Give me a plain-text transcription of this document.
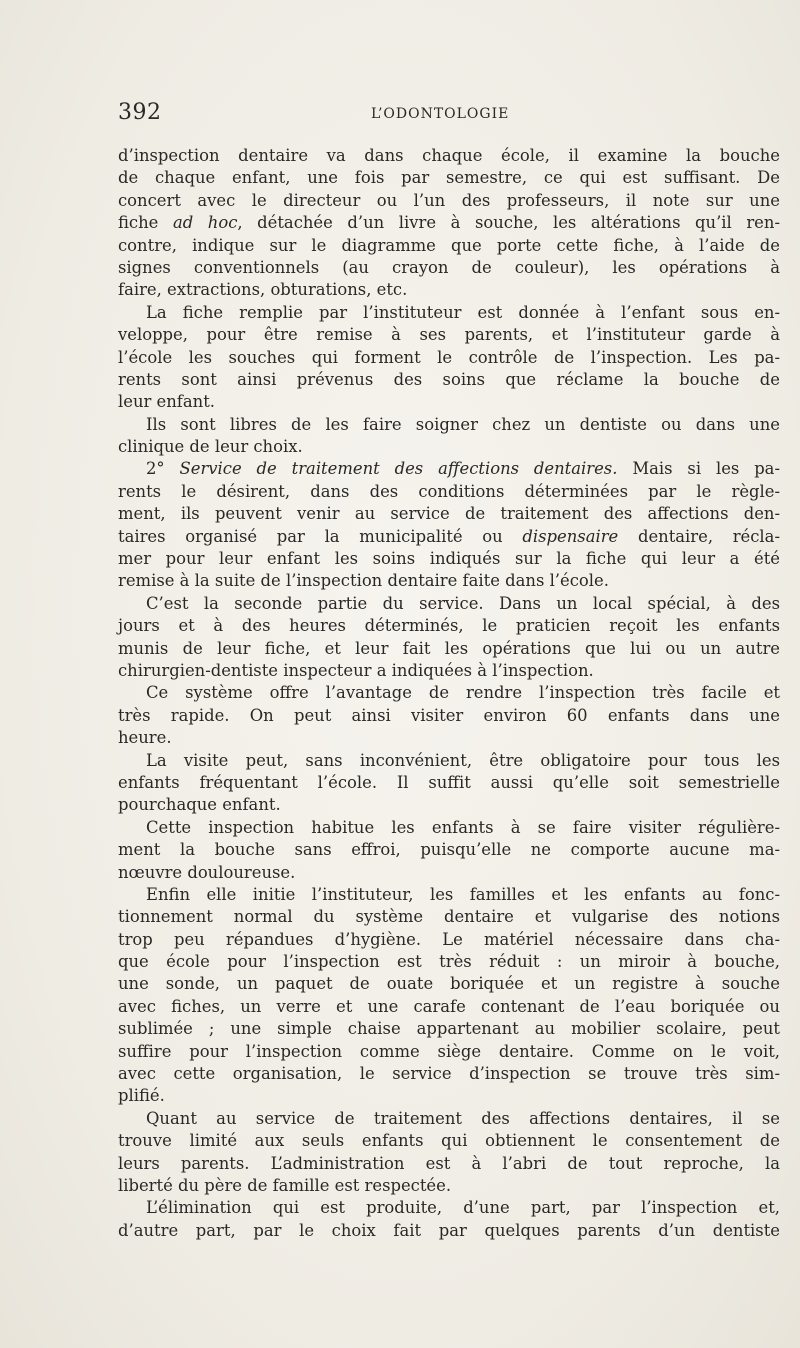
392	L’ODONTOLOGIE
d’inspection dentaire va dans chaque école, il examine la bouche
de chaque enfant, une fois par semestre, ce qui est suffisant. De
concert avec le directeur ou l’un des professeurs, il note sur une
fiche ad hoc, détachée d’un livre à souche, les altérations qu’il ren-
contre, indique sur le diagramme que porte cette fiche, à l’aide de
signes conventionnels (au crayon de couleur), les opérations à
faire, extractions, obturations, etc.
La fiche remplie par l’instituteur est donnée à l’enfant sous en-
veloppe, pour être remise à ses parents, et l’instituteur garde à
l’école les souches qui forment le contrôle de l’inspection. Les pa-
rents sont ainsi prévenus des soins que réclame la bouche de
leur enfant.
Ils sont libres de les faire soigner chez un dentiste ou dans une
clinique de leur choix.
2° Service de traitement des affections dentaires. Mais si les pa-
rents le désirent, dans des conditions déterminées par le règle-
ment, ils peuvent venir au service de traitement des affections den-
taires organisé par la municipalité ou dispensaire dentaire, récla-
mer pour leur enfant les soins indiqués sur la fiche qui leur a été
remise à la suite de l’inspection dentaire faite dans l’école.
C’est la seconde partie du service. Dans un local spécial, à des
jours et à des heures déterminés, le praticien reçoit les enfants
munis de leur fiche, et leur fait les opérations que lui ou un autre
chirurgien-dentiste inspecteur a indiquées à l’inspection.
Ce système offre l’avantage de rendre l’inspection très facile et
très rapide. On peut ainsi visiter environ 60 enfants dans une
heure.
La visite peut, sans inconvénient, être obligatoire pour tous les
enfants fréquentant l’école. Il suffit aussi qu’elle soit semestrielle
pourchaque enfant.
Cette inspection habitue les enfants à se faire visiter régulière-
ment la bouche sans effroi, puisqu’elle ne comporte aucune ma-
nœuvre douloureuse.
Enfin elle initie l’instituteur, les familles et les enfants au fonc-
tionnement normal du système dentaire et vulgarise des notions
trop peu répandues d’hygiène. Le matériel nécessaire dans cha-
que école pour l’inspection est très réduit : un miroir à bouche,
une sonde, un paquet de ouate boriquée et un registre à souche
avec fiches, un verre et une carafe contenant de l’eau boriquée ou
sublimée ; une simple chaise appartenant au mobilier scolaire, peut
suffire pour l’inspection comme siège dentaire. Comme on le voit,
avec cette organisation, le service d’inspection se trouve très sim-
plifié.
Quant au service de traitement des affections dentaires, il se
trouve limité aux seuls enfants qui obtiennent le consentement de
leurs parents. L’administration est à l’abri de tout reproche, la
liberté du père de famille est respectée.
L’élimination qui est produite, d’une part, par l’inspection et,
d’autre part, par le choix fait par quelques parents d’un dentiste
